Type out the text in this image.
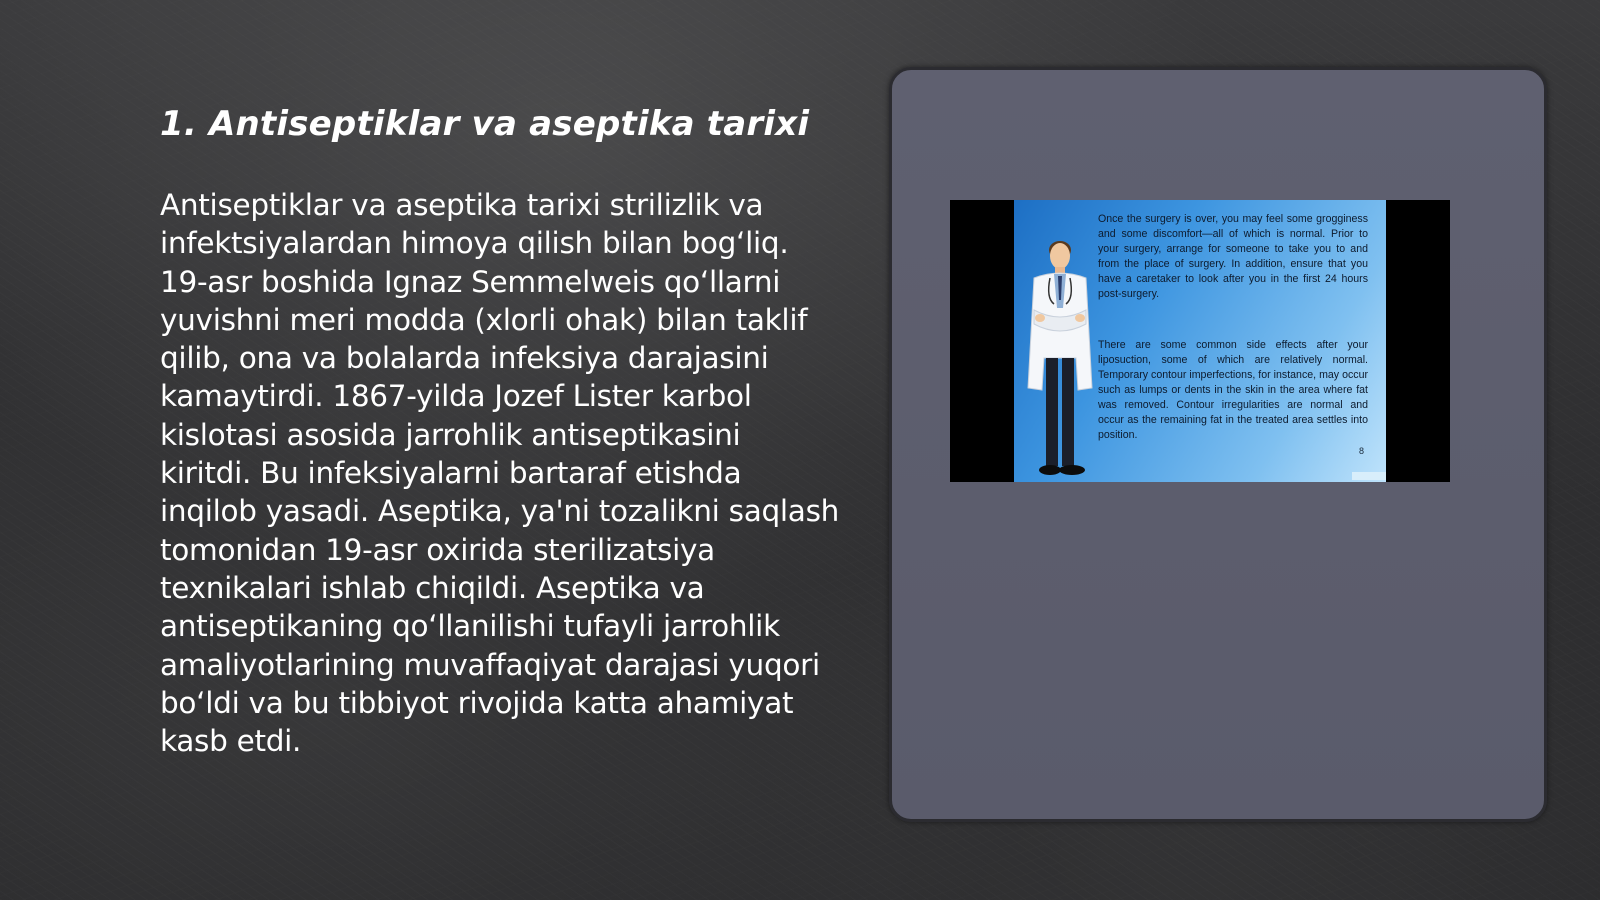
1. Antiseptiklar va aseptika tarixi

Antiseptiklar va aseptika tarixi strilizlik va infektsiyalardan himoya qilish bilan bog‘liq. 19-asr boshida Ignaz Semmelweis qo‘llarni yuvishni meri modda (xlorli ohak) bilan taklif qilib, ona va bolalarda infeksiya darajasini kamaytirdi. 1867-yilda Jozef Lister karbol kislotasi asosida jarrohlik antiseptikasini kiritdi. Bu infeksiyalarni bartaraf etishda inqilob yasadi. Aseptika, ya'ni tozalikni saqlash tomonidan 19-asr oxirida sterilizatsiya texnikalari ishlab chiqildi. Aseptika va antiseptikaning qo‘llanilishi tufayli jarrohlik amaliyotlarining muvaffaqiyat darajasi yuqori bo‘ldi va bu tibbiyot rivojida katta ahamiyat kasb etdi.

Once the surgery is over, you may feel some grogginess and some discomfort—all of which is normal. Prior to your surgery, arrange for someone to take you to and from the place of surgery. In addition, ensure that you have a caretaker to look after you in the first 24 hours post-surgery.

There are some common side effects after your liposuction, some of which are relatively normal. Temporary contour imperfections, for instance, may occur such as lumps or dents in the skin in the area where fat was removed. Contour irregularities are normal and occur as the remaining fat in the treated area settles into position.

8
